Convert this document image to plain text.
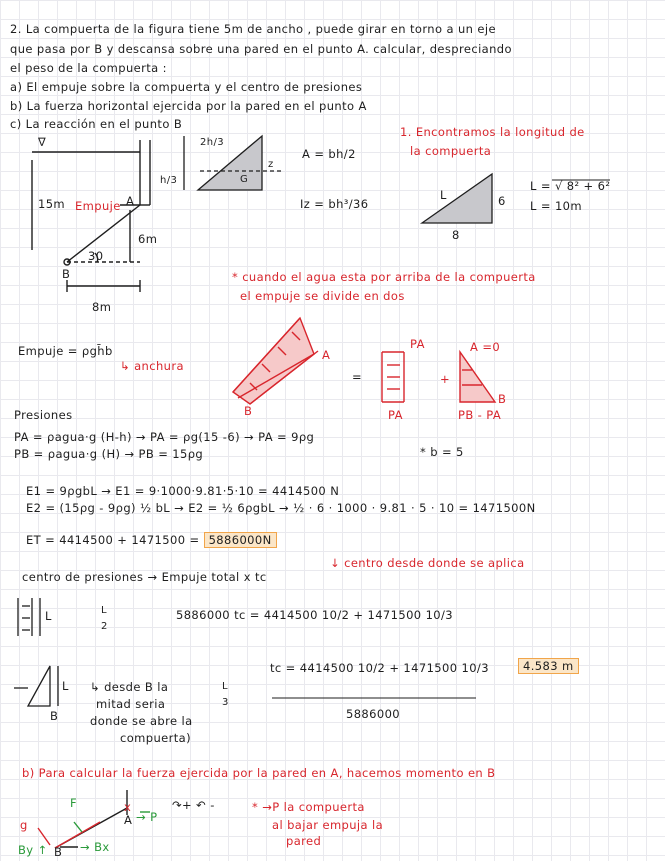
2. La compuerta de la figura tiene 5m de ancho , puede girar en torno a un eje
que pasa por B y descansa sobre una pared en el punto A. calcular, despreciando
el peso de la compuerta :
a) El empuje sobre la compuerta y el centro de presiones
b) La fuerza horizontal ejercida por la pared en el punto A
c) La reacción en el punto B
∇
15m Empuje A
6m
30
B
8m
2h/3
h/3
z
G
A = bh/2
Iz = bh³/36
1. Encontramos la longitud de
la compuerta
L	6
8
L = √ 8² + 6²
L = 10m
* cuando el agua esta por arriba de la compuerta
el empuje se divide en dos
Empuje = ρgh̄b
↳ anchura
A
B
=	+
PA
PA
A =0
B
PB - PA
Presiones
PA = ρagua·g (H-h) → PA = ρg(15 -6) → PA = 9ρg
PB = ρagua·g (H) → PB = 15ρg	* b = 5
E1 = 9ρgbL → E1 = 9·1000·9.81·5·10 = 4414500 N
E2 = (15ρg - 9ρg) ½ bL → E2 = ½ 6ρgbL → ½ · 6 · 1000 · 9.81 · 5 · 10 = 1471500N
ET = 4414500 + 1471500 = 5886000N
↓ centro desde donde se aplica
centro de presiones → Empuje total x tc
L	L
2
5886000 tc = 4414500 10/2 + 1471500 10/3
L ↳ desde B la
mitad seria
donde se abre la
compuerta)
L
3
B
tc = 4414500 10/2 + 1471500 10/3
5886000
4.583 m
b) Para calcular la fuerza ejercida por la pared en A, hacemos momento en B
F	x
A → P
↷+ ↶ -	* →P la compuerta
al bajar empuja la
pared
g
By ↑ B → Bx
